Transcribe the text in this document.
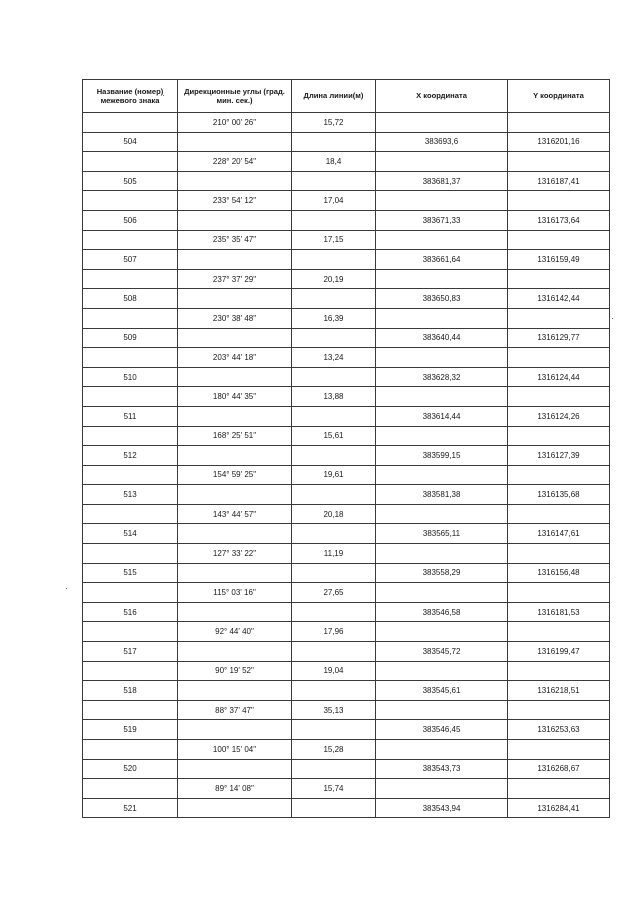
Название (номер) межевого знака	Дирекционные углы (град. мин. сек.)	Длина линии(м)	X координата	Y координата
	210° 00' 26"	15,72		
504			383693,6	1316201,16
	228° 20' 54"	18,4		
505			383681,37	1316187,41
	233° 54' 12"	17,04		
506			383671,33	1316173,64
	235° 35' 47"	17,15		
507			383661,64	1316159,49
	237° 37' 29"	20,19		
508			383650,83	1316142,44
	230° 38' 48"	16,39		
509			383640,44	1316129,77
	203° 44' 18"	13,24		
510			383628,32	1316124,44
	180° 44' 35"	13,88		
511			383614,44	1316124,26
	168° 25' 51"	15,61		
512			383599,15	1316127,39
	154° 59' 25"	19,61		
513			383581,38	1316135,68
	143° 44' 57"	20,18		
514			383565,11	1316147,61
	127° 33' 22"	11,19		
515			383558,29	1316156,48
	115° 03' 16"	27,65		
516			383546,58	1316181,53
	92° 44' 40"	17,96		
517			383545,72	1316199,47
	90° 19' 52"	19,04		
518			383545,61	1316218,51
	88° 37' 47"	35,13		
519			383546,45	1316253,63
	100° 15' 04"	15,28		
520			383543,73	1316268,67
	89° 14' 08"	15,74		
521			383543,94	1316284,41
